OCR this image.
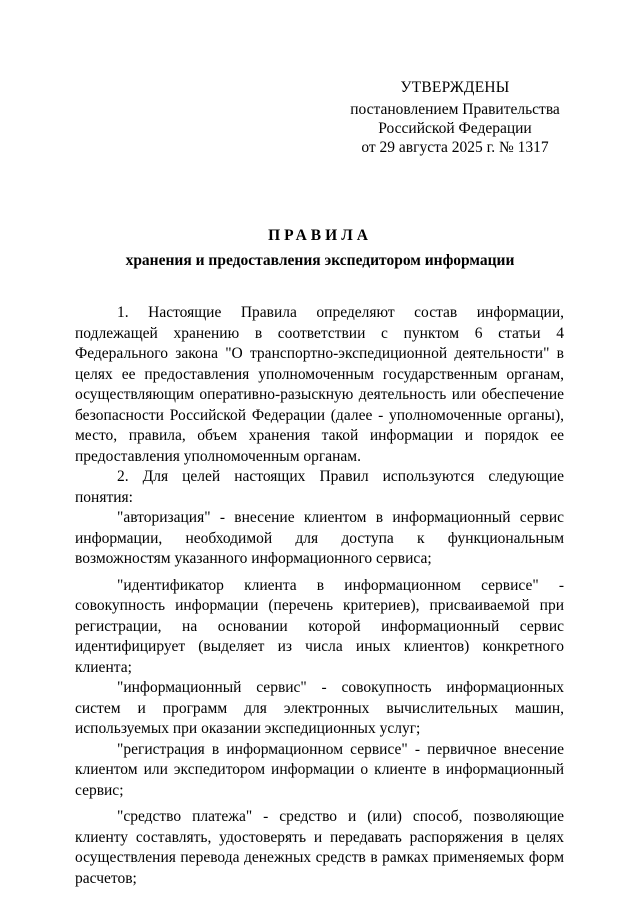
УТВЕРЖДЕНЫ
постановлением Правительства
Российской Федерации
от 29 августа 2025 г. № 1317
ПРАВИЛА
хранения и предоставления экспедитором информации

1. Настоящие Правила определяют состав информации, подлежащей хранению в соответствии с пунктом 6 статьи 4 Федерального закона "О транспортно-экспедиционной деятельности" в целях ее предоставления уполномоченным государственным органам, осуществляющим оперативно-разыскную деятельность или обеспечение безопасности Российской Федерации (далее - уполномоченные органы), место, правила, объем хранения такой информации и порядок ее предоставления уполномоченным органам.

2. Для целей настоящих Правил используются следующие понятия:

"авторизация" - внесение клиентом в информационный сервис информации, необходимой для доступа к функциональным возможностям указанного информационного сервиса;

"идентификатор клиента в информационном сервисе" - совокупность информации (перечень критериев), присваиваемой при регистрации, на основании которой информационный сервис идентифицирует (выделяет из числа иных клиентов) конкретного клиента;

"информационный сервис" - совокупность информационных систем и программ для электронных вычислительных машин, используемых при оказании экспедиционных услуг;

"регистрация в информационном сервисе" - первичное внесение клиентом или экспедитором информации о клиенте в информационный сервис;

"средство платежа" - средство и (или) способ, позволяющие клиенту составлять, удостоверять и передавать распоряжения в целях осуществления перевода денежных средств в рамках применяемых форм расчетов;
